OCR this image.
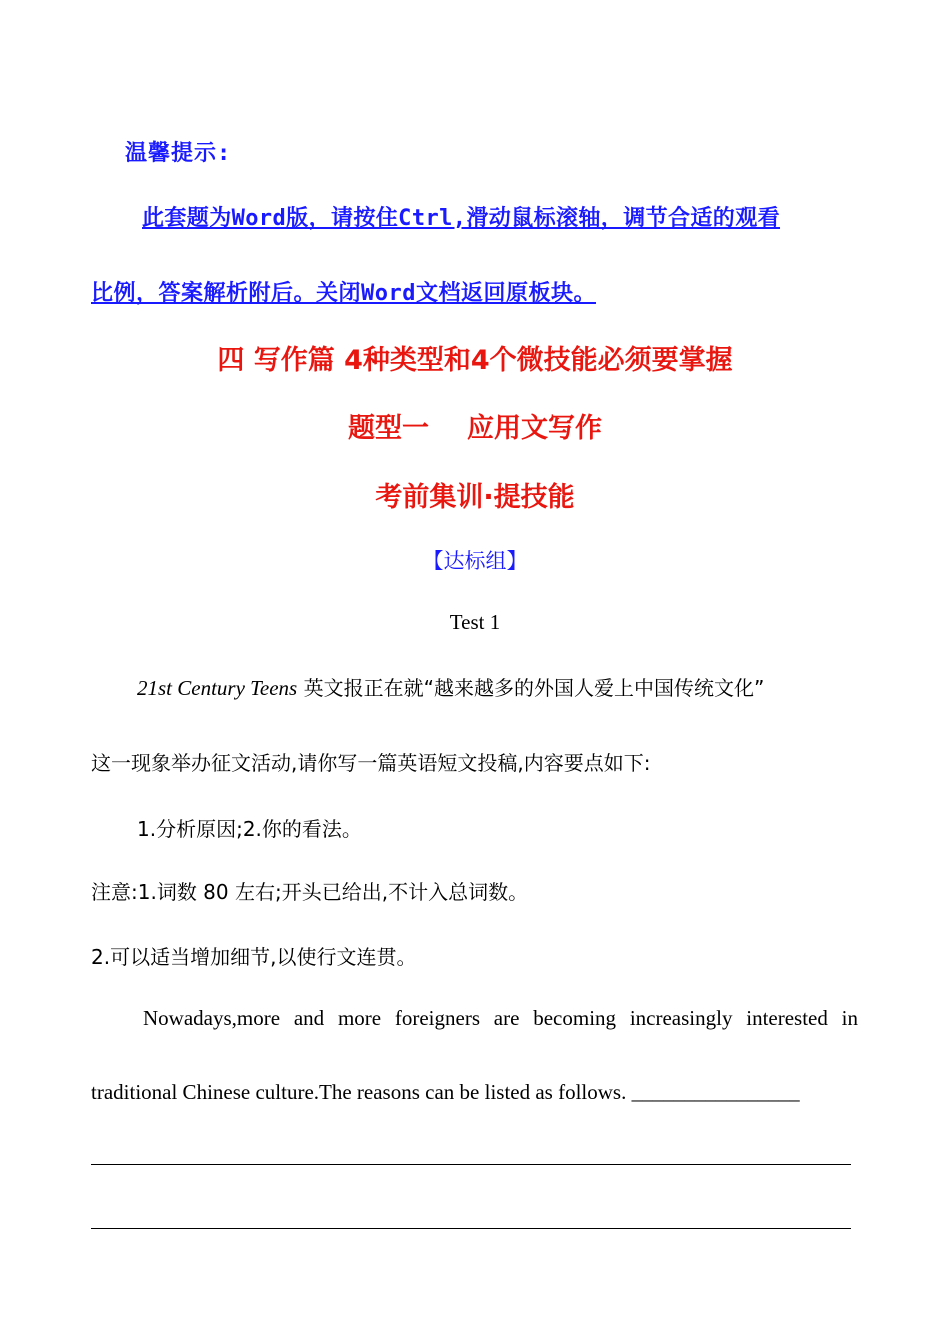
温馨提示:
此套题为Word版，请按住Ctrl,滑动鼠标滚轴，调节合适的观看
比例，答案解析附后。关闭Word文档返回原板块。
四 写作篇 4种类型和4个微技能必须要掌握
题型一 应用文写作
考前集训·提技能
【达标组】
Test 1
21st Century Teens 英文报正在就“越来越多的外国人爱上中国传统文化”
这一现象举办征文活动,请你写一篇英语短文投稿,内容要点如下:
1.分析原因;2.你的看法。
注意:1.词数 80 左右;开头已给出,不计入总词数。
2.可以适当增加细节,以使行文连贯。
Nowadays,more and more foreigners are becoming increasingly interested in
traditional Chinese culture.The reasons can be listed as follows. ________________
